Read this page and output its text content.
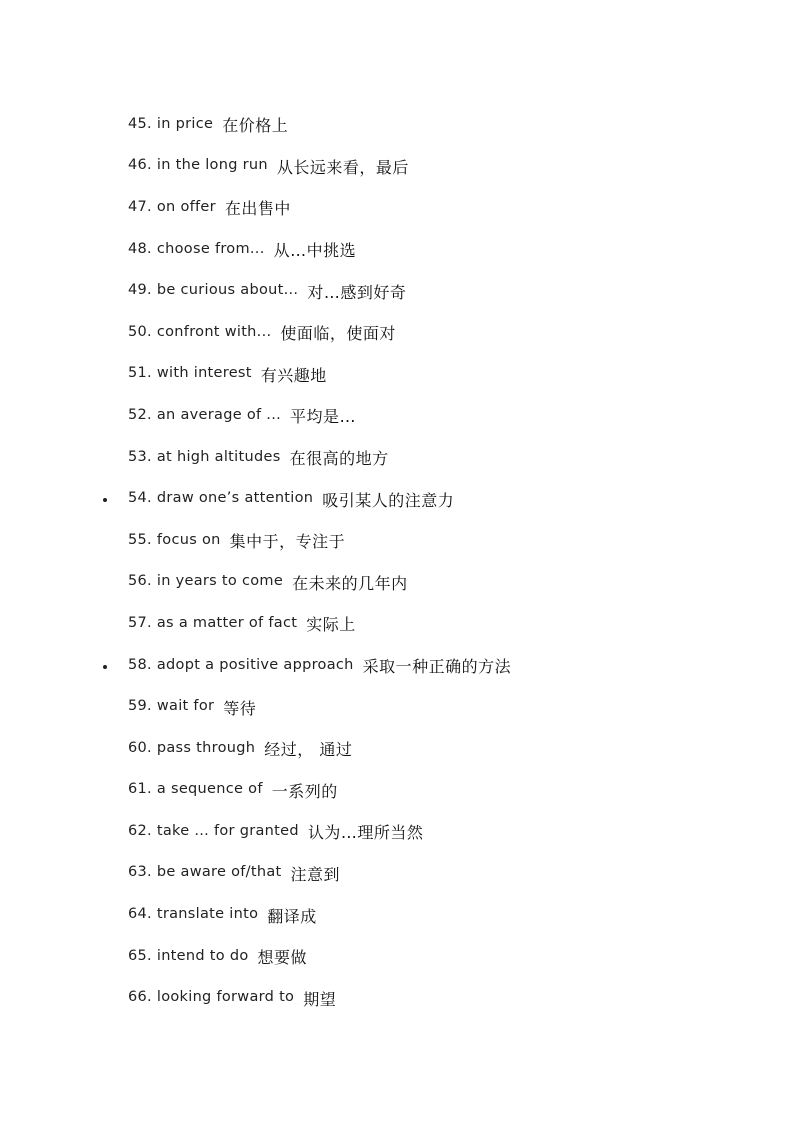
45. in price 在价格上
46. in the long run 从长远来看，最后
47. on offer 在出售中
48. choose from... 从…中挑选
49. be curious about... 对…感到好奇
50. confront with... 使面临，使面对
51. with interest 有兴趣地
52. an average of ... 平均是…
53. at high altitudes 在很高的地方
54. draw one’s attention 吸引某人的注意力
55. focus on 集中于，专注于
56. in years to come 在未来的几年内
57. as a matter of fact 实际上
58. adopt a positive approach 采取一种正确的方法
59. wait for 等待
60. pass through 经过， 通过
61. a sequence of 一系列的
62. take ... for granted 认为…理所当然
63. be aware of/that 注意到
64. translate into 翻译成
65. intend to do 想要做
66. looking forward to 期望
